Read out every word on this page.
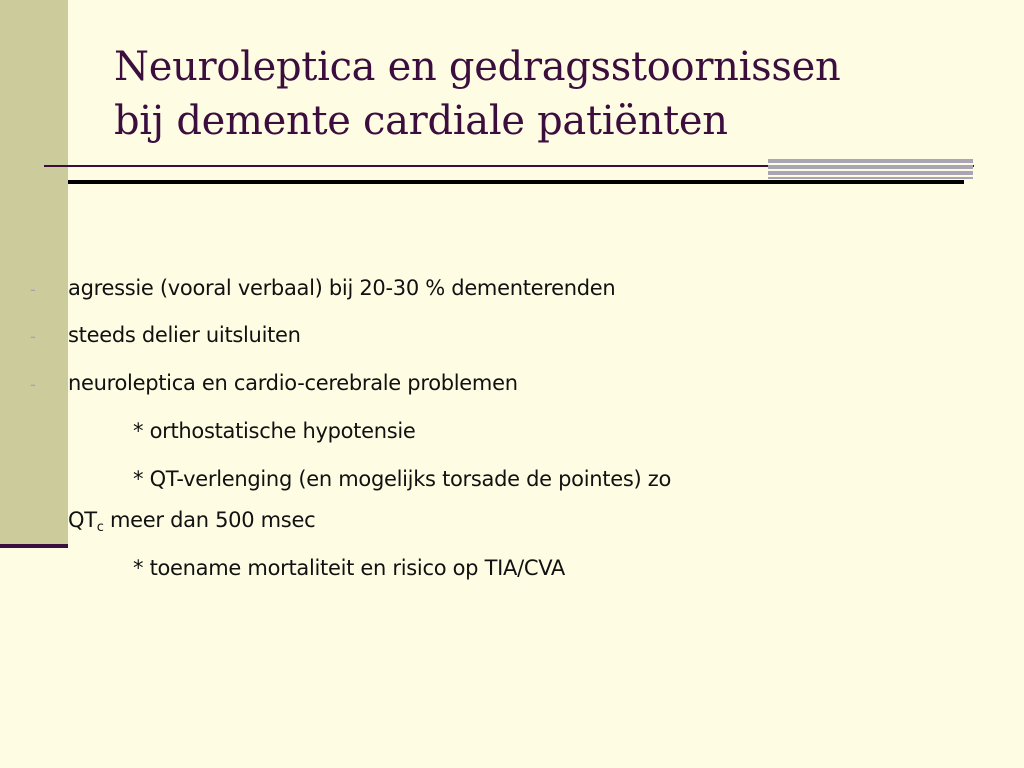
Neuroleptica en gedragsstoornissen
bij demente cardiale patiënten
- agressie (vooral verbaal) bij 20-30 % dementerenden
- steeds delier uitsluiten
- neuroleptica en cardio-cerebrale problemen
* orthostatische hypotensie
* QT-verlenging (en mogelijks torsade de pointes) zo
$QT_c$ meer dan 500 msec
* toename mortaliteit en risico op TIA/CVA
